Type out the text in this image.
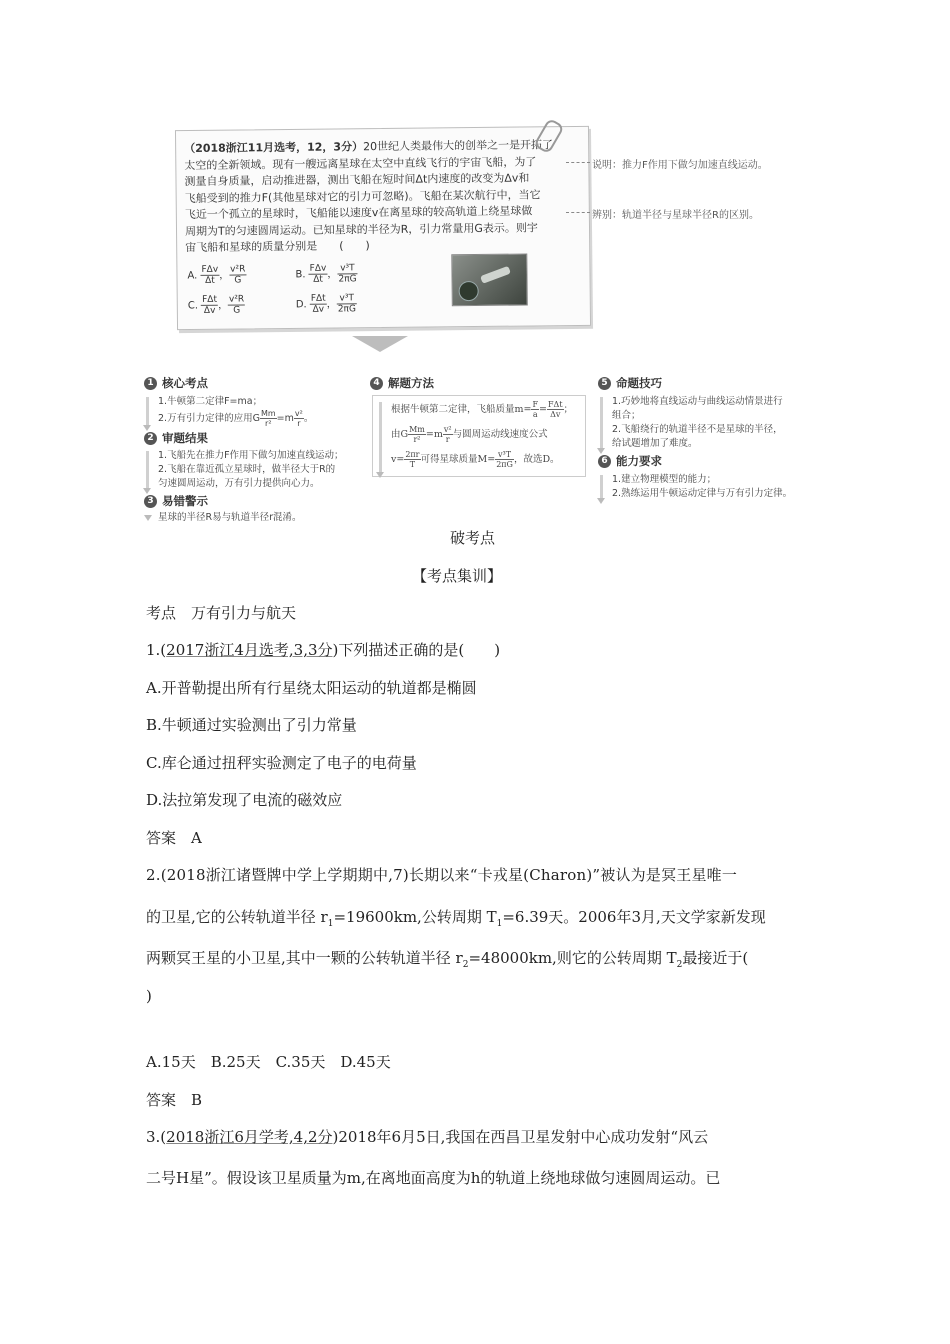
（2018浙江11月选考，12，3分）20世纪人类最伟大的创举之一是开拓了
太空的全新领域。现有一艘远离星球在太空中直线飞行的宇宙飞船，为了
测量自身质量，启动推进器，测出飞船在短时间Δt内速度的改变为Δv和
飞船受到的推力F(其他星球对它的引力可忽略)。飞船在某次航行中，当它
飞近一个孤立的星球时，飞船能以速度v在离星球的较高轨道上绕星球做
周期为T的匀速圆周运动。已知星球的半径为R，引力常量用G表示。则宇
宙飞船和星球的质量分别是　　(　　)
A. $\frac{\text{FΔv}}{\Delta t}$ ， $\frac{\text{v²R}}{G}$	B. $\frac{\text{FΔv}}{\Delta t}$ ， $\frac{\text{v³T}}{2\pi G}$
C. $\frac{\text{FΔt}}{\Delta v}$ ， $\frac{\text{v²R}}{G}$	D. $\frac{\text{FΔt}}{\Delta v}$ ， $\frac{\text{v³T}}{2\pi G}$
说明：推力F作用下做匀加速直线运动。
辨别：轨道半径与星球半径R的区别。
1 核心考点
1.牛顿第二定律F=ma；
2.万有引力定律的应用G $\frac{Mm}{\text{r²}} =m \frac{\text{v²}}{r}$ 。
2 审题结果
1.飞船先在推力F作用下做匀加速直线运动；
2.飞船在靠近孤立星球时，做半径大于R的
匀速圆周运动，万有引力提供向心力。
3 易错警示
星球的半径R易与轨道半径r混淆。
4 解题方法
根据牛顿第二定律，飞船质量$m= \frac{F}{a} = \frac{\text{FΔt}}{\Delta v}$ ；
由G $\frac{Mm}{\text{r²}} =m \frac{\text{v²}}{r}$ 与圆周运动线速度公式
$v= \frac{2\pi r}{T}$ 可得星球质量$M= \frac{\text{v³T}}{2\pi G}$ ，故选D。
5 命题技巧
1.巧妙地将直线运动与曲线运动情景进行
组合；
2.飞船绕行的轨道半径不是星球的半径，
给试题增加了难度。
6 能力要求
1.建立物理模型的能力；
2.熟练运用牛顿运动定律与万有引力定律。
破考点
【考点集训】
考点　万有引力与航天
1.(2017浙江4月选考,3,3分)下列描述正确的是(　　)
A.开普勒提出所有行星绕太阳运动的轨道都是椭圆
B.牛顿通过实验测出了引力常量
C.库仑通过扭秤实验测定了电子的电荷量
D.法拉第发现了电流的磁效应
答案　A
2.(2018浙江诸暨牌中学上学期期中,7)长期以来“卡戎星(Charon)”被认为是冥王星唯一
的卫星,它的公转轨道半径 $r_1=19600km$,公转周期 $T_1=6.39$天。2006年3月,天文学家新发现
两颗冥王星的小卫星,其中一颗的公转轨道半径 $r_2=48000km$,则它的公转周期 $T_2$最接近于(
)
A.15天　B.25天　C.35天　D.45天
答案　B
3.(2018浙江6月学考,4,2分)2018年6月5日,我国在西昌卫星发射中心成功发射“风云
二号H星”。假设该卫星质量为m,在离地面高度为h的轨道上绕地球做匀速圆周运动。已
